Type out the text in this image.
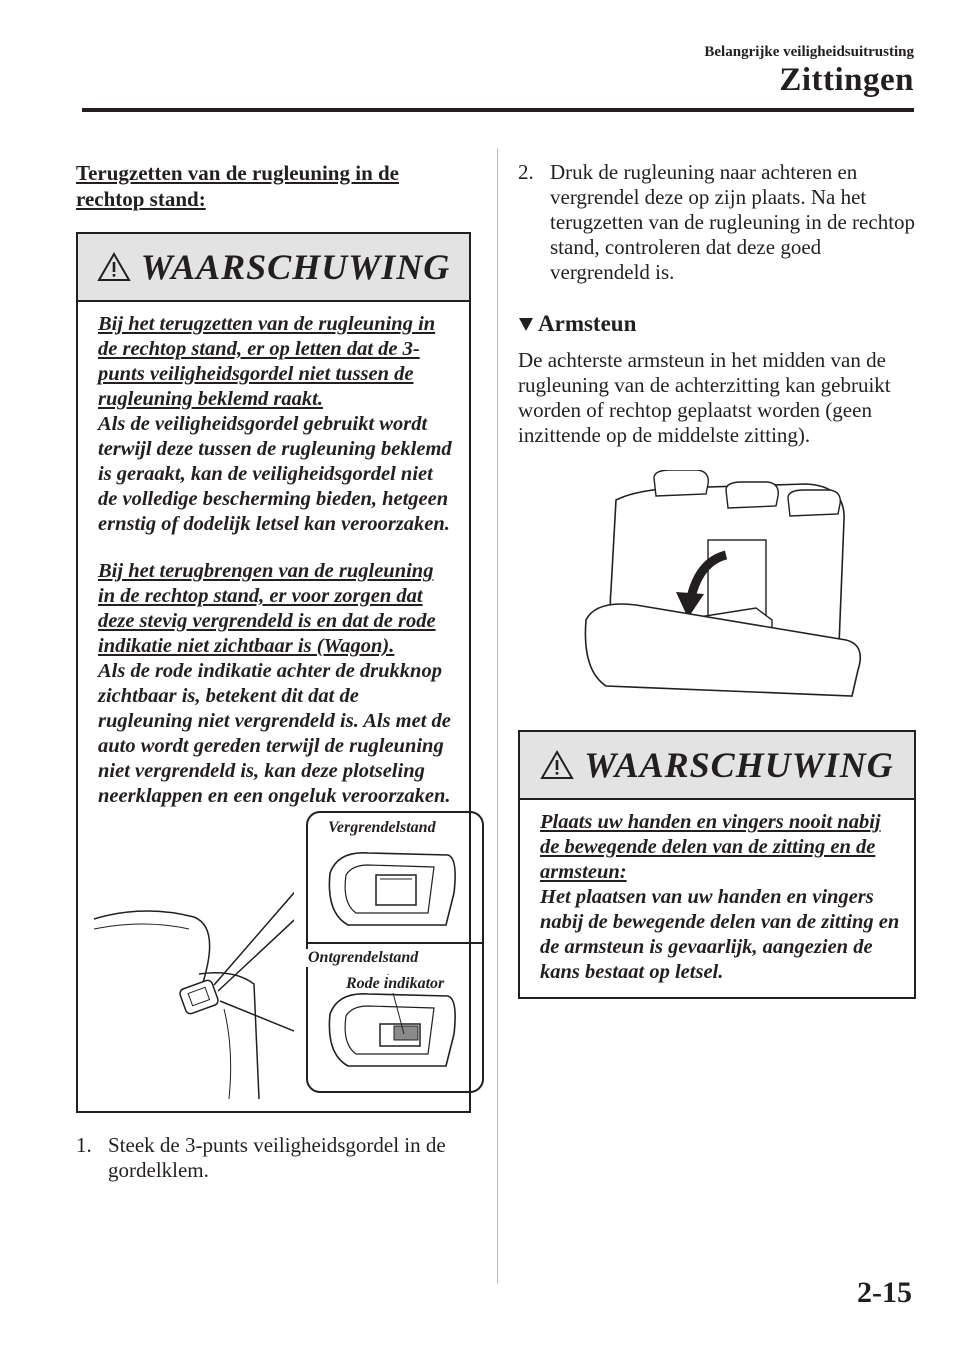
Belangrijke veiligheidsuitrusting
Zittingen
Terugzetten van de rugleuning in de rechtop stand:
WAARSCHUWING
Bij het terugzetten van de rugleuning in de rechtop stand, er op letten dat de 3-punts veiligheidsgordel niet tussen de rugleuning beklemd raakt.
Als de veiligheidsgordel gebruikt wordt terwijl deze tussen de rugleuning beklemd is geraakt, kan de veiligheidsgordel niet de volledige bescherming bieden, hetgeen ernstig of dodelijk letsel kan veroorzaken.
Bij het terugbrengen van de rugleuning in de rechtop stand, er voor zorgen dat deze stevig vergrendeld is en dat de rode indikatie niet zichtbaar is (Wagon).
Als de rode indikatie achter de drukknop zichtbaar is, betekent dit dat de rugleuning niet vergrendeld is. Als met de auto wordt gereden terwijl de rugleuning niet vergrendeld is, kan deze plotseling neerklappen en een ongeluk veroorzaken.
Vergrendelstand
Ontgrendelstand
Rode indikator
1. Steek de 3-punts veiligheidsgordel in de gordelklem.
2. Druk de rugleuning naar achteren en vergrendel deze op zijn plaats. Na het terugzetten van de rugleuning in de rechtop stand, controleren dat deze goed vergrendeld is.
Armsteun
De achterste armsteun in het midden van de rugleuning van de achterzitting kan gebruikt worden of rechtop geplaatst worden (geen inzittende op de middelste zitting).
WAARSCHUWING
Plaats uw handen en vingers nooit nabij de bewegende delen van de zitting en de armsteun:
Het plaatsen van uw handen en vingers nabij de bewegende delen van de zitting en de armsteun is gevaarlijk, aangezien de kans bestaat op letsel.
2-15
